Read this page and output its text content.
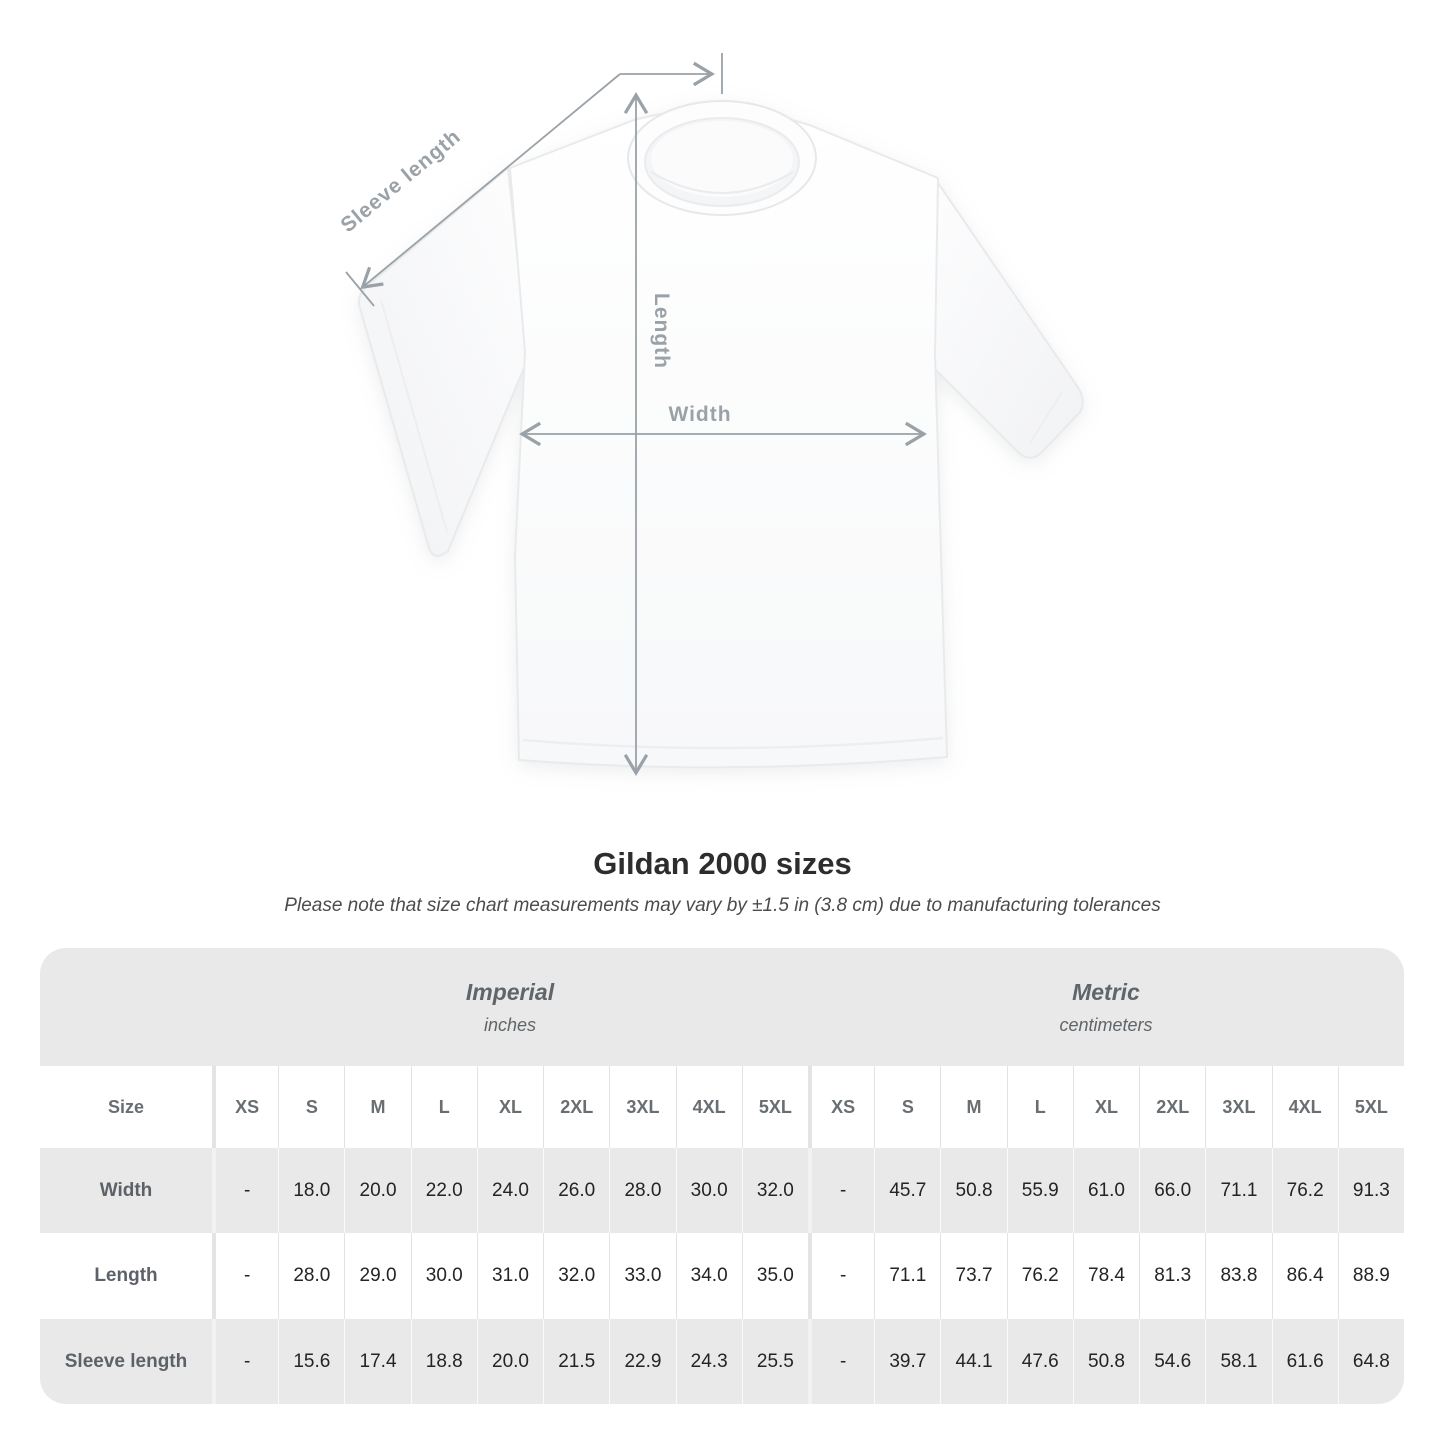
Sleeve length
Length
Width
Gildan 2000 sizes
Please note that size chart measurements may vary by ±1.5 in (3.8 cm) due to manufacturing tolerances
Imperial
inches
Metric
centimeters
Size	XS	S	M	L	XL	2XL	3XL	4XL	5XL	XS	S	M	L	XL	2XL	3XL	4XL	5XL
Width	-	18.0	20.0	22.0	24.0	26.0	28.0	30.0	32.0	-	45.7	50.8	55.9	61.0	66.0	71.1	76.2	91.3
Length	-	28.0	29.0	30.0	31.0	32.0	33.0	34.0	35.0	-	71.1	73.7	76.2	78.4	81.3	83.8	86.4	88.9
Sleeve length	-	15.6	17.4	18.8	20.0	21.5	22.9	24.3	25.5	-	39.7	44.1	47.6	50.8	54.6	58.1	61.6	64.8
